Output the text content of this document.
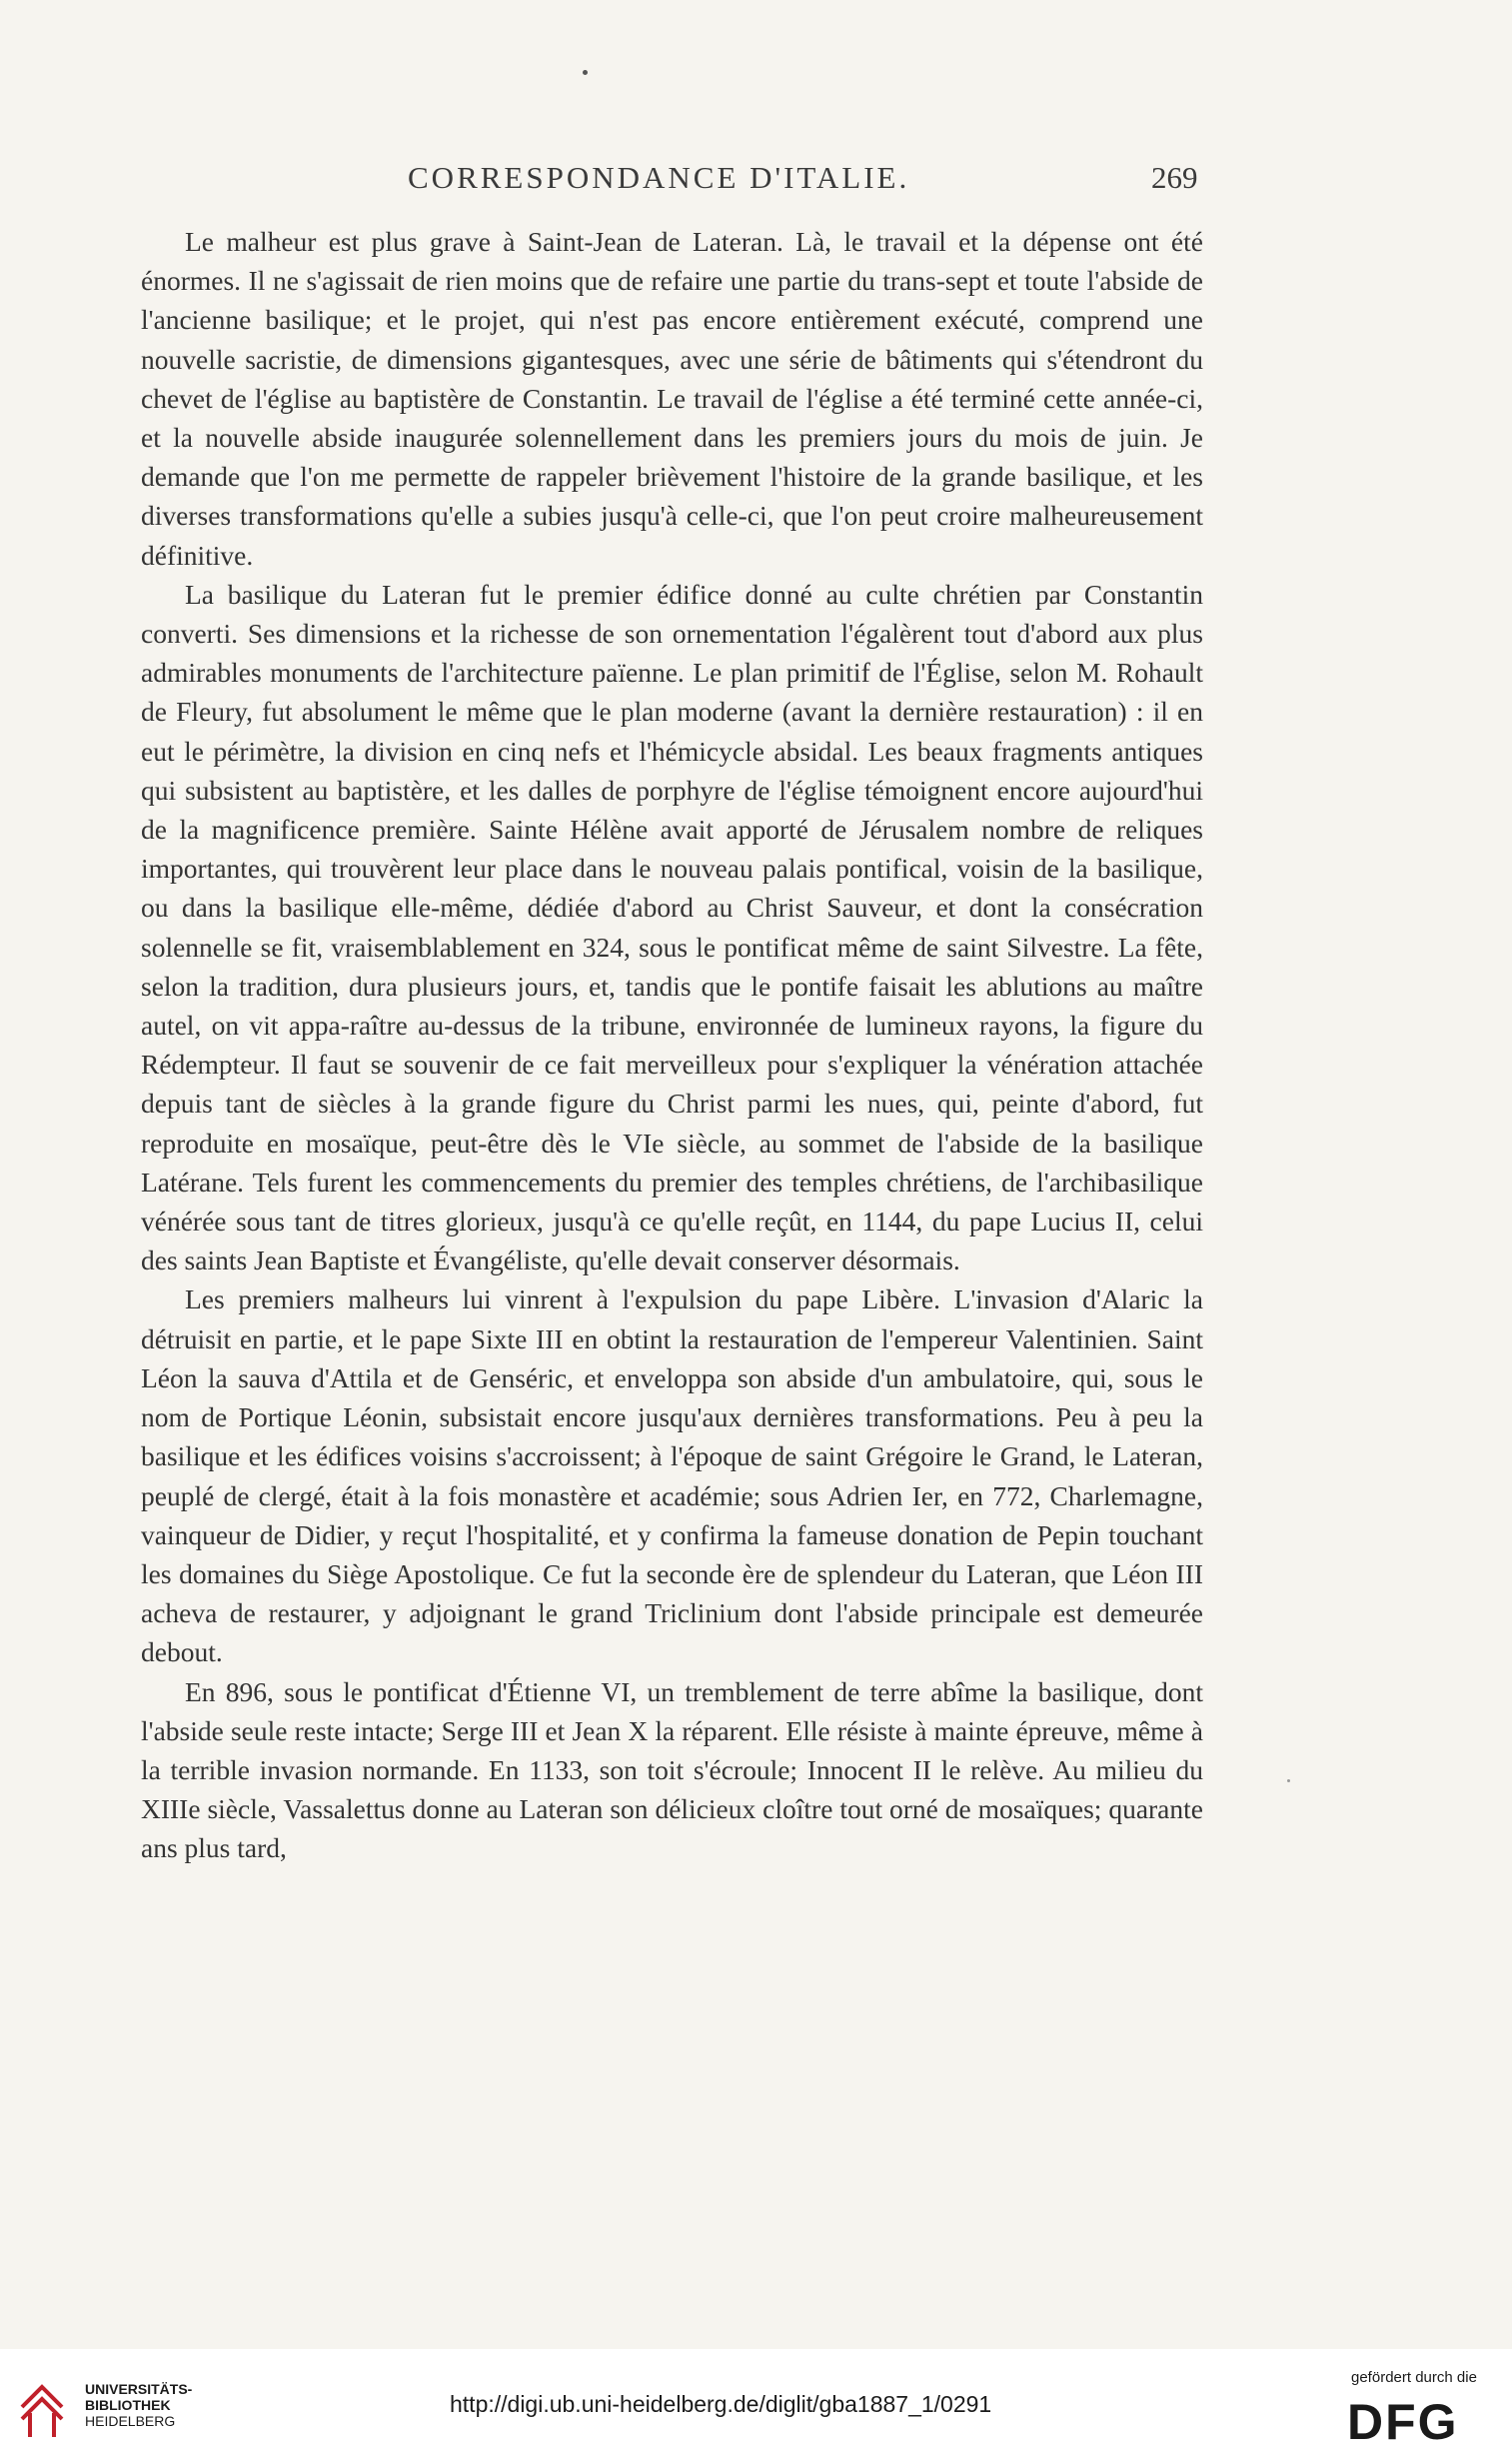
CORRESPONDANCE D'ITALIE.	269

Le malheur est plus grave à Saint-Jean de Lateran. Là, le travail et la dépense ont été énormes. Il ne s'agissait de rien moins que de refaire une partie du trans-sept et toute l'abside de l'ancienne basilique; et le projet, qui n'est pas encore entièrement exécuté, comprend une nouvelle sacristie, de dimensions gigantesques, avec une série de bâtiments qui s'étendront du chevet de l'église au baptistère de Constantin. Le travail de l'église a été terminé cette année-ci, et la nouvelle abside inaugurée solennellement dans les premiers jours du mois de juin. Je demande que l'on me permette de rappeler brièvement l'histoire de la grande basilique, et les diverses transformations qu'elle a subies jusqu'à celle-ci, que l'on peut croire malheureusement définitive.

La basilique du Lateran fut le premier édifice donné au culte chrétien par Constantin converti. Ses dimensions et la richesse de son ornementation l'égalèrent tout d'abord aux plus admirables monuments de l'architecture païenne. Le plan primitif de l'Église, selon M. Rohault de Fleury, fut absolument le même que le plan moderne (avant la dernière restauration) : il en eut le périmètre, la division en cinq nefs et l'hémicycle absidal. Les beaux fragments antiques qui subsistent au baptistère, et les dalles de porphyre de l'église témoignent encore aujourd'hui de la magnificence première. Sainte Hélène avait apporté de Jérusalem nombre de reliques importantes, qui trouvèrent leur place dans le nouveau palais pontifical, voisin de la basilique, ou dans la basilique elle-même, dédiée d'abord au Christ Sauveur, et dont la consécration solennelle se fit, vraisemblablement en 324, sous le pontificat même de saint Silvestre. La fête, selon la tradition, dura plusieurs jours, et, tandis que le pontife faisait les ablutions au maître autel, on vit appa-raître au-dessus de la tribune, environnée de lumineux rayons, la figure du Rédempteur. Il faut se souvenir de ce fait merveilleux pour s'expliquer la vénération attachée depuis tant de siècles à la grande figure du Christ parmi les nues, qui, peinte d'abord, fut reproduite en mosaïque, peut-être dès le VIe siècle, au sommet de l'abside de la basilique Latérane. Tels furent les commencements du premier des temples chrétiens, de l'archibasilique vénérée sous tant de titres glorieux, jusqu'à ce qu'elle reçût, en 1144, du pape Lucius II, celui des saints Jean Baptiste et Évangéliste, qu'elle devait conserver désormais.

Les premiers malheurs lui vinrent à l'expulsion du pape Libère. L'invasion d'Alaric la détruisit en partie, et le pape Sixte III en obtint la restauration de l'empereur Valentinien. Saint Léon la sauva d'Attila et de Genséric, et enveloppa son abside d'un ambulatoire, qui, sous le nom de Portique Léonin, subsistait encore jusqu'aux dernières transformations. Peu à peu la basilique et les édifices voisins s'accroissent; à l'époque de saint Grégoire le Grand, le Lateran, peuplé de clergé, était à la fois monastère et académie; sous Adrien Ier, en 772, Charlemagne, vainqueur de Didier, y reçut l'hospitalité, et y confirma la fameuse donation de Pepin touchant les domaines du Siège Apostolique. Ce fut la seconde ère de splendeur du Lateran, que Léon III acheva de restaurer, y adjoignant le grand Triclinium dont l'abside principale est demeurée debout.

En 896, sous le pontificat d'Étienne VI, un tremblement de terre abîme la basilique, dont l'abside seule reste intacte; Serge III et Jean X la réparent. Elle résiste à mainte épreuve, même à la terrible invasion normande. En 1133, son toit s'écroule; Innocent II le relève. Au milieu du XIIIe siècle, Vassalettus donne au Lateran son délicieux cloître tout orné de mosaïques; quarante ans plus tard,

UNIVERSITÄTS-
BIBLIOTHEK
HEIDELBERG
http://digi.ub.uni-heidelberg.de/diglit/gba1887_1/0291
gefördert durch die
DFG
